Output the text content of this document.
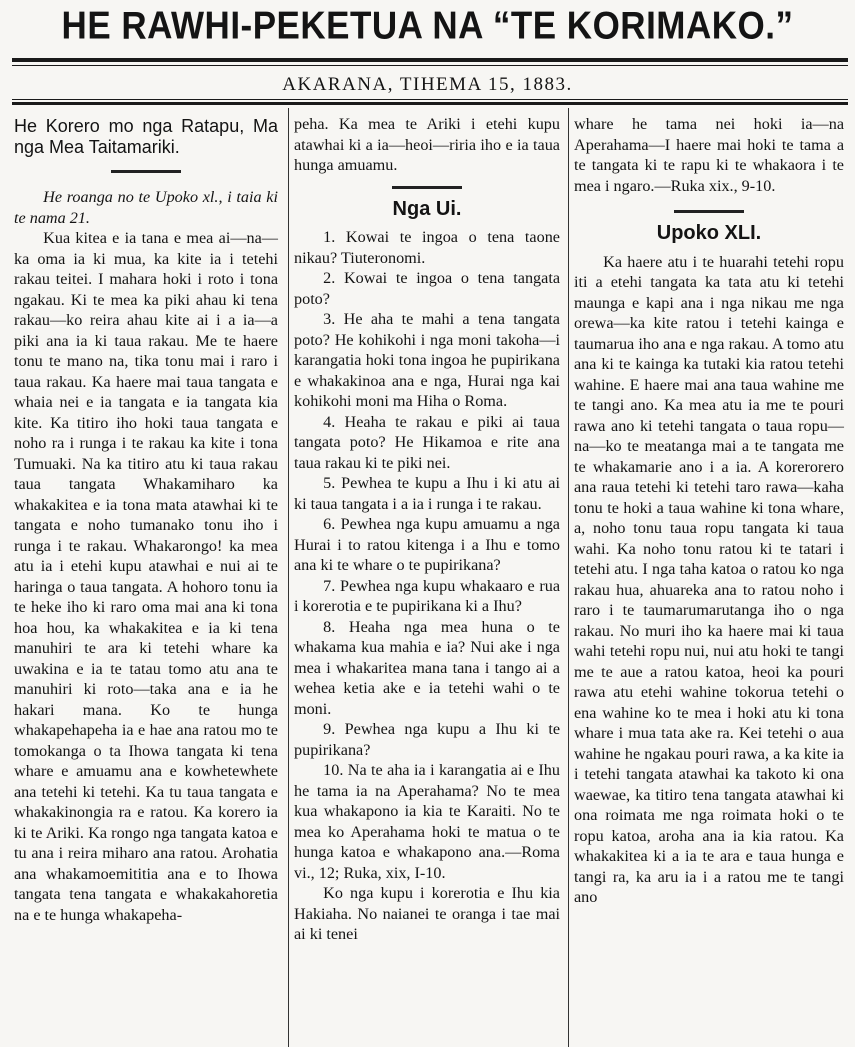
HE RAWHI-PEKETUA NA “TE KORIMAKO.”
AKARANA, TIHEMA 15, 1883.
He Korero mo nga Ratapu, Ma nga Mea Taitamariki.

He roanga no te Upoko xl., i taia ki te nama 21.

Kua kitea e ia tana e mea ai—na—ka oma ia ki mua, ka kite ia i tetehi rakau teitei. I mahara hoki i roto i tona ngakau. Ki te mea ka piki ahau ki tena rakau—ko reira ahau kite ai i a ia—a piki ana ia ki taua rakau. Me te haere tonu te mano na, tika tonu mai i raro i taua rakau. Ka haere mai taua tangata e whaia nei e ia tangata e ia tangata kia kite. Ka titiro iho hoki taua tangata e noho ra i runga i te rakau ka kite i tona Tumuaki. Na ka titiro atu ki taua rakau taua tangata Whakamiharo ka whakakitea e ia tona mata atawhai ki te tangata e noho tumanako tonu iho i runga i te rakau. Whakarongo! ka mea atu ia i etehi kupu atawhai e nui ai te haringa o taua tangata. A hohoro tonu ia te heke iho ki raro oma mai ana ki tona hoa hou, ka whakakitea e ia ki tena manuhiri te ara ki tetehi whare ka uwakina e ia te tatau tomo atu ana te manuhiri ki roto—taka ana e ia he hakari mana. Ko te hunga whakapehapeha ia e hae ana ratou mo te tomokanga o ta Ihowa tangata ki tena whare e amuamu ana e kowhetewhete ana tetehi ki tetehi. Ka tu taua tangata e whakakinongia ra e ratou. Ka korero ia ki te Ariki. Ka rongo nga tangata katoa e tu ana i reira miharo ana ratou. Arohatia ana whakamoemititia ana e to Ihowa tangata tena tangata e whakakahoretia na e te hunga whakapeha-

peha. Ka mea te Ariki i etehi kupu atawhai ki a ia—heoi—riria iho e ia taua hunga amuamu.

Nga Ui.

1. Kowai te ingoa o tena taone nikau? Tiuteronomi.

2. Kowai te ingoa o tena tangata poto?

3. He aha te mahi a tena tangata poto? He kohikohi i nga moni takoha—i karangatia hoki tona ingoa he pupirikana e whakakinoa ana e nga, Hurai nga kai kohikohi moni ma Hiha o Roma.

4. Heaha te rakau e piki ai taua tangata poto? He Hikamoa e rite ana taua rakau ki te piki nei.

5. Pewhea te kupu a Ihu i ki atu ai ki taua tangata i a ia i runga i te rakau.

6. Pewhea nga kupu amuamu a nga Hurai i to ratou kitenga i a Ihu e tomo ana ki te whare o te pupirikana?

7. Pewhea nga kupu whakaaro e rua i korerotia e te pupirikana ki a Ihu?

8. Heaha nga mea huna o te whakama kua mahia e ia? Nui ake i nga mea i whakaritea mana tana i tango ai a wehea ketia ake e ia tetehi wahi o te moni.

9. Pewhea nga kupu a Ihu ki te pupirikana?

10. Na te aha ia i karangatia ai e Ihu he tama ia na Aperahama? No te mea kua whakapono ia kia te Karaiti. No te mea ko Aperahama hoki te matua o te hunga katoa e whakapono ana.—Roma vi., 12; Ruka, xix, I-10.

Ko nga kupu i korerotia e Ihu kia Hakiaha. No naianei te oranga i tae mai ai ki tenei

whare he tama nei hoki ia—na Aperahama—I haere mai hoki te tama a te tangata ki te rapu ki te whakaora i te mea i ngaro.—Ruka xix., 9-10.

Upoko XLI.

Ka haere atu i te huarahi tetehi ropu iti a etehi tangata ka tata atu ki tetehi maunga e kapi ana i nga nikau me nga orewa—ka kite ratou i tetehi kainga e taumarua iho ana e nga rakau. A tomo atu ana ki te kainga ka tutaki kia ratou tetehi wahine. E haere mai ana taua wahine me te tangi ano. Ka mea atu ia me te pouri rawa ano ki tetehi tangata o taua ropu—na—ko te meatanga mai a te tangata me te whakamarie ano i a ia. A korerorero ana raua tetehi ki tetehi taro rawa—kaha tonu te hoki a taua wahine ki tona whare, a, noho tonu taua ropu tangata ki taua wahi. Ka noho tonu ratou ki te tatari i tetehi atu. I nga taha katoa o ratou ko nga rakau hua, ahuareka ana to ratou noho i raro i te taumarumarutanga iho o nga rakau. No muri iho ka haere mai ki taua wahi tetehi ropu nui, nui atu hoki te tangi me te aue a ratou katoa, heoi ka pouri rawa atu etehi wahine tokorua tetehi o ena wahine ko te mea i hoki atu ki tona whare i mua tata ake ra. Kei tetehi o aua wahine he ngakau pouri rawa, a ka kite ia i tetehi tangata atawhai ka takoto ki ona waewae, ka titiro tena tangata atawhai ki ona roimata me nga roimata hoki o te ropu katoa, aroha ana ia kia ratou. Ka whakakitea ki a ia te ara e taua hunga e tangi ra, ka aru ia i a ratou me te tangi ano
